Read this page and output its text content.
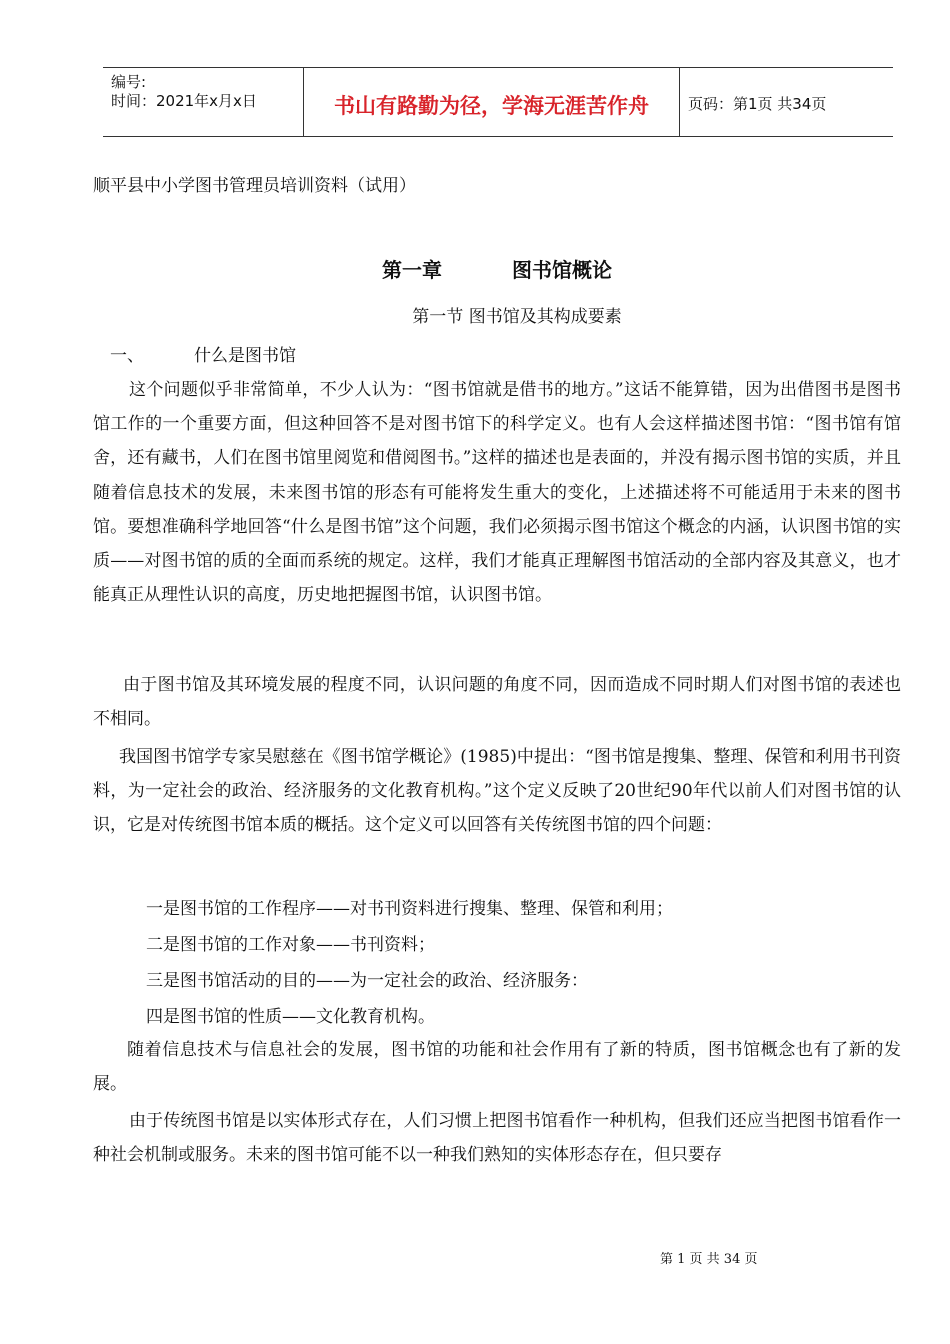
编号:
时间：2021年x月x日	书山有路勤为径，学海无涯苦作舟	页码：第1页 共34页
顺平县中小学图书管理员培训资料（试用）
第一章	图书馆概论
第一节 图书馆及其构成要素
一、	什么是图书馆
这个问题似乎非常简单，不少人认为：“图书馆就是借书的地方。”这话不能算错，因为出借图书是图书馆工作的一个重要方面，但这种回答不是对图书馆下的科学定义。也有人会这样描述图书馆：“图书馆有馆舍，还有藏书，人们在图书馆里阅览和借阅图书。”这样的描述也是表面的，并没有揭示图书馆的实质，并且随着信息技术的发展，未来图书馆的形态有可能将发生重大的变化，上述描述将不可能适用于未来的图书馆。要想准确科学地回答“什么是图书馆”这个问题，我们必须揭示图书馆这个概念的内涵，认识图书馆的实质——对图书馆的质的全面而系统的规定。这样，我们才能真正理解图书馆活动的全部内容及其意义，也才能真正从理性认识的高度，历史地把握图书馆，认识图书馆。
由于图书馆及其环境发展的程度不同，认识问题的角度不同，因而造成不同时期人们对图书馆的表述也不相同。
我国图书馆学专家吴慰慈在《图书馆学概论》(1985)中提出：“图书馆是搜集、整理、保管和利用书刊资料，为一定社会的政治、经济服务的文化教育机构。”这个定义反映了20世纪90年代以前人们对图书馆的认识，它是对传统图书馆本质的概括。这个定义可以回答有关传统图书馆的四个问题：
一是图书馆的工作程序——对书刊资料进行搜集、整理、保管和利用；
二是图书馆的工作对象——书刊资料；
三是图书馆活动的目的——为一定社会的政治、经济服务：
四是图书馆的性质——文化教育机构。
随着信息技术与信息社会的发展，图书馆的功能和社会作用有了新的特质，图书馆概念也有了新的发展。
由于传统图书馆是以实体形式存在，人们习惯上把图书馆看作一种机构，但我们还应当把图书馆看作一种社会机制或服务。未来的图书馆可能不以一种我们熟知的实体形态存在，但只要存
第 1 页 共 34 页
